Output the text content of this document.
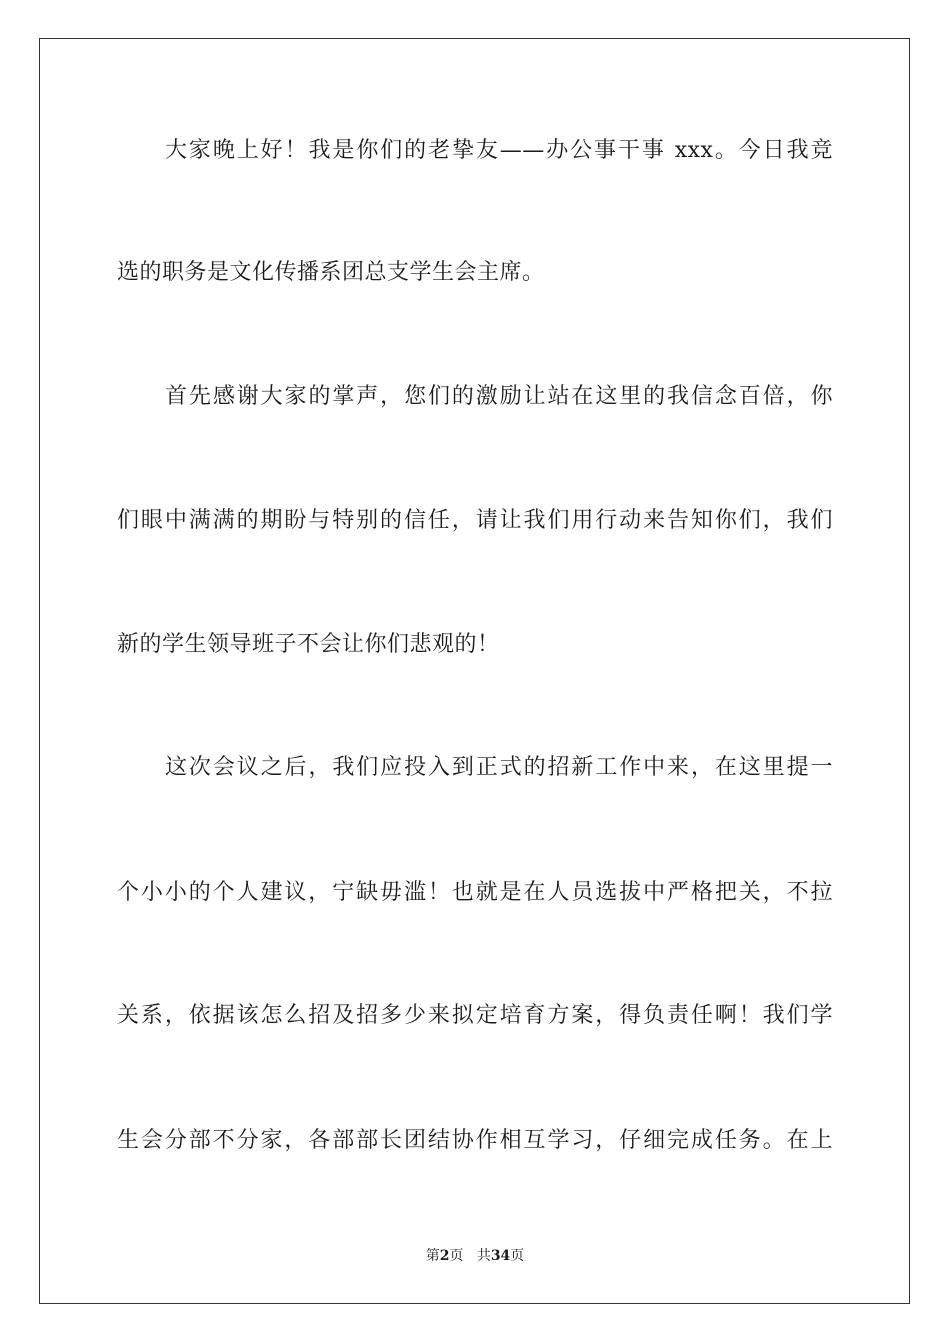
大家晚上好！我是你们的老挚友——办公事干事 xxx。今日我竞
选的职务是文化传播系团总支学生会主席。
首先感谢大家的掌声，您们的激励让站在这里的我信念百倍，你
们眼中满满的期盼与特别的信任，请让我们用行动来告知你们，我们
新的学生领导班子不会让你们悲观的！
这次会议之后，我们应投入到正式的招新工作中来，在这里提一
个小小的个人建议，宁缺毋滥！也就是在人员选拔中严格把关，不拉
关系，依据该怎么招及招多少来拟定培育方案，得负责任啊！我们学
生会分部不分家，各部部长团结协作相互学习，仔细完成任务。在上
第2页 共34页
